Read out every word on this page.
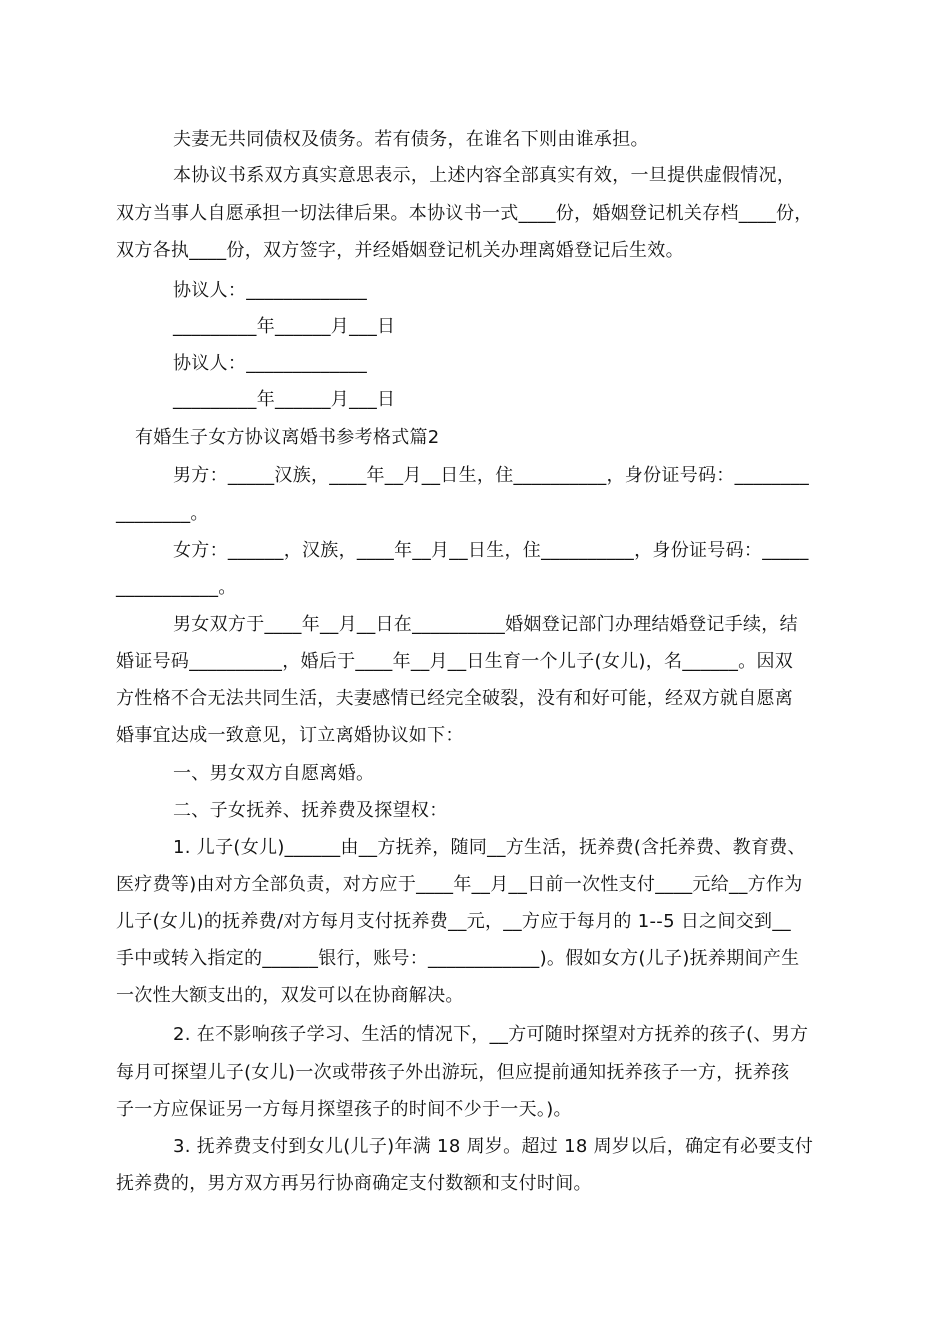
夫妻无共同债权及债务。若有债务，在谁名下则由谁承担。
本协议书系双方真实意思表示，上述内容全部真实有效，一旦提供虚假情况，
双方当事人自愿承担一切法律后果。本协议书一式____份，婚姻登记机关存档____份，
双方各执____份，双方签字，并经婚姻登记机关办理离婚登记后生效。
协议人：_____________
_________年______月___日
协议人：_____________
_________年______月___日
有婚生子女方协议离婚书参考格式篇2
男方：_____汉族，____年__月__日生，住__________，身份证号码：________
________。
女方：______，汉族，____年__月__日生，住__________，身份证号码：_____
___________。
男女双方于____年__月__日在__________婚姻登记部门办理结婚登记手续，结
婚证号码__________，婚后于____年__月__日生育一个儿子(女儿)，名______。因双
方性格不合无法共同生活，夫妻感情已经完全破裂，没有和好可能，经双方就自愿离
婚事宜达成一致意见，订立离婚协议如下：
一、男女双方自愿离婚。
二、子女抚养、抚养费及探望权：
1. 儿子(女儿)______由__方抚养，随同__方生活，抚养费(含托养费、教育费、
医疗费等)由对方全部负责，对方应于____年__月__日前一次性支付____元给__方作为
儿子(女儿)的抚养费/对方每月支付抚养费__元，__方应于每月的 1--5 日之间交到__
手中或转入指定的______银行，账号：____________)。假如女方(儿子)抚养期间产生
一次性大额支出的，双发可以在协商解决。
2. 在不影响孩子学习、生活的情况下，__方可随时探望对方抚养的孩子(、男方
每月可探望儿子(女儿)一次或带孩子外出游玩，但应提前通知抚养孩子一方，抚养孩
子一方应保证另一方每月探望孩子的时间不少于一天。)。
3. 抚养费支付到女儿(儿子)年满 18 周岁。超过 18 周岁以后，确定有必要支付
抚养费的，男方双方再另行协商确定支付数额和支付时间。
